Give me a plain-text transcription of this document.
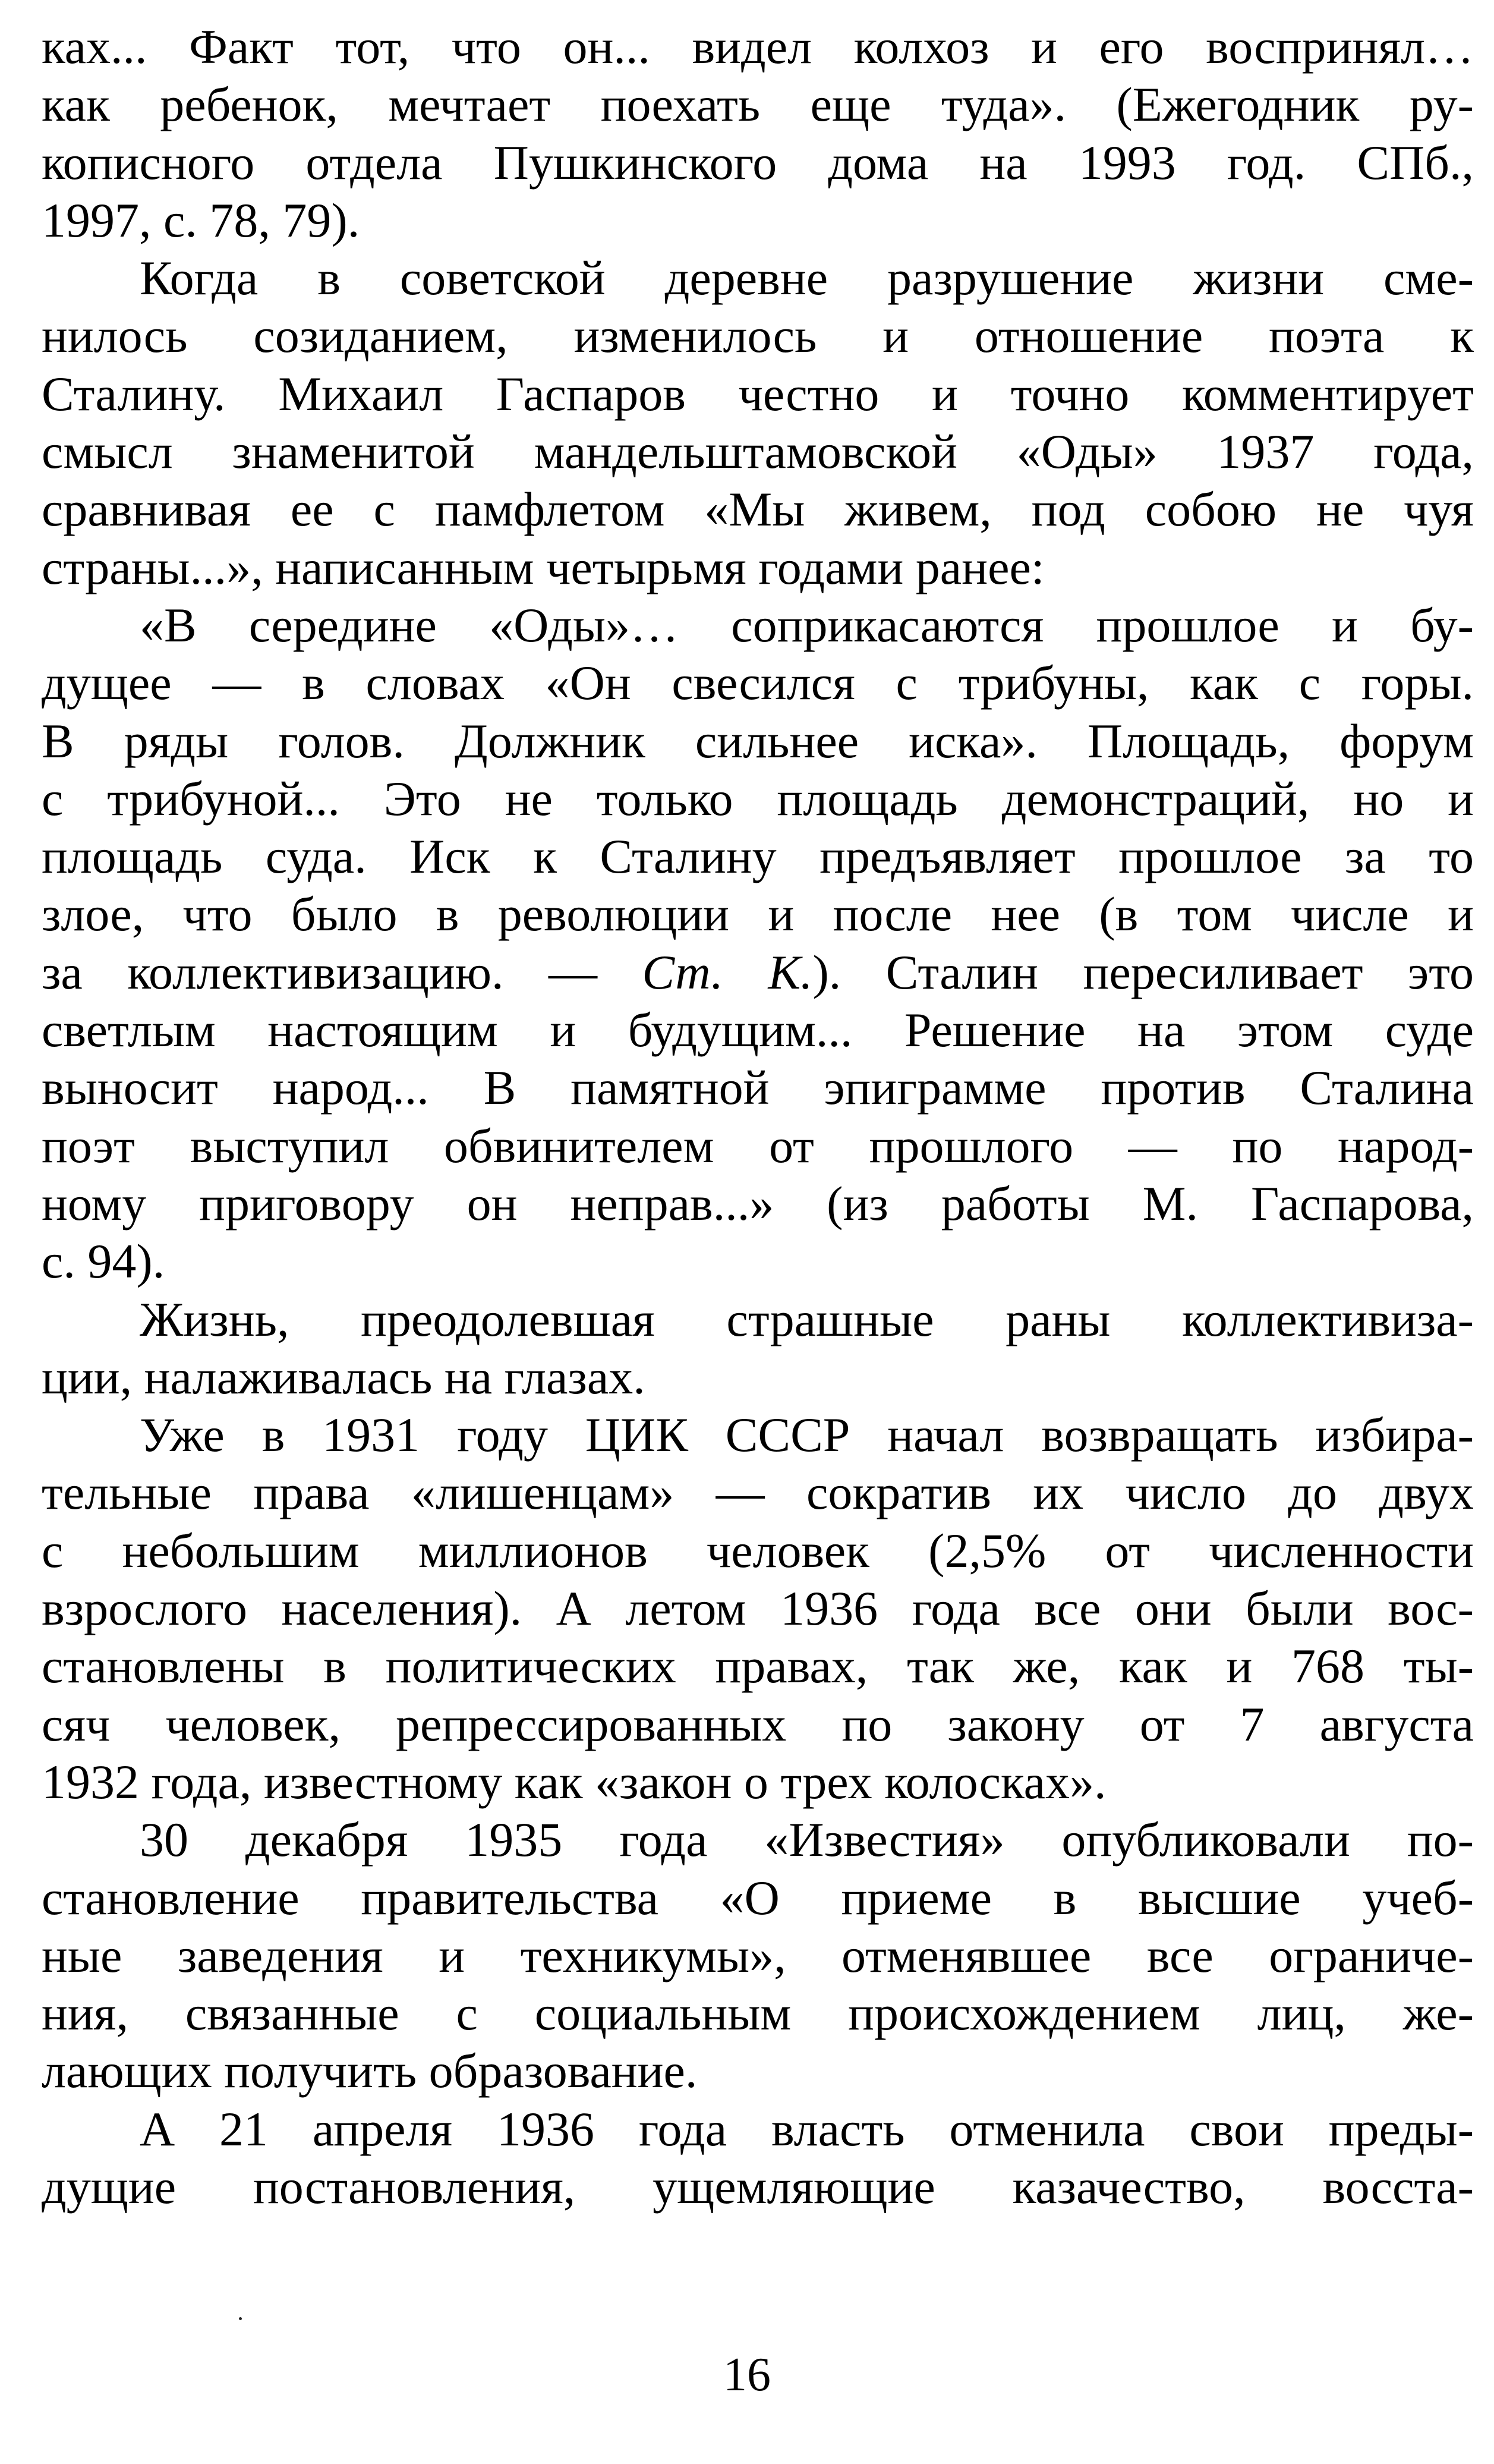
ках... Факт тот, что он... видел колхоз и его воспринял…
как ребенок, мечтает поехать еще туда». (Ежегодник ру-
кописного отдела Пушкинского дома на 1993 год. СПб.,
1997, с. 78, 79).
Когда в советской деревне разрушение жизни сме-
нилось созиданием, изменилось и отношение поэта к
Сталину. Михаил Гаспаров честно и точно комментирует
смысл знаменитой мандельштамовской «Оды» 1937 года,
сравнивая ее с памфлетом «Мы живем, под собою не чуя
страны...», написанным четырьмя годами ранее:
«В середине «Оды»… соприкасаются прошлое и бу-
дущее — в словах «Он свесился с трибуны, как с горы.
В ряды голов. Должник сильнее иска». Площадь, форум
с трибуной... Это не только площадь демонстраций, но и
площадь суда. Иск к Сталину предъявляет прошлое за то
злое, что было в революции и после нее (в том числе и
за коллективизацию. — Ст. К.). Сталин пересиливает это
светлым настоящим и будущим... Решение на этом суде
выносит народ... В памятной эпиграмме против Сталина
поэт выступил обвинителем от прошлого — по народ-
ному приговору он неправ...» (из работы М. Гаспарова,
с. 94).
Жизнь, преодолевшая страшные раны коллективиза-
ции, налаживалась на глазах.
Уже в 1931 году ЦИК СССР начал возвращать избира-
тельные права «лишенцам» — сократив их число до двух
с небольшим миллионов человек (2,5% от численности
взрослого населения). А летом 1936 года все они были вос-
становлены в политических правах, так же, как и 768 ты-
сяч человек, репрессированных по закону от 7 августа
1932 года, известному как «закон о трех колосках».
30 декабря 1935 года «Известия» опубликовали по-
становление правительства «О приеме в высшие учеб-
ные заведения и техникумы», отменявшее все ограниче-
ния, связанные с социальным происхождением лиц, же-
лающих получить образование.
А 21 апреля 1936 года власть отменила свои преды-
дущие постановления, ущемляющие казачество, восста-
16
